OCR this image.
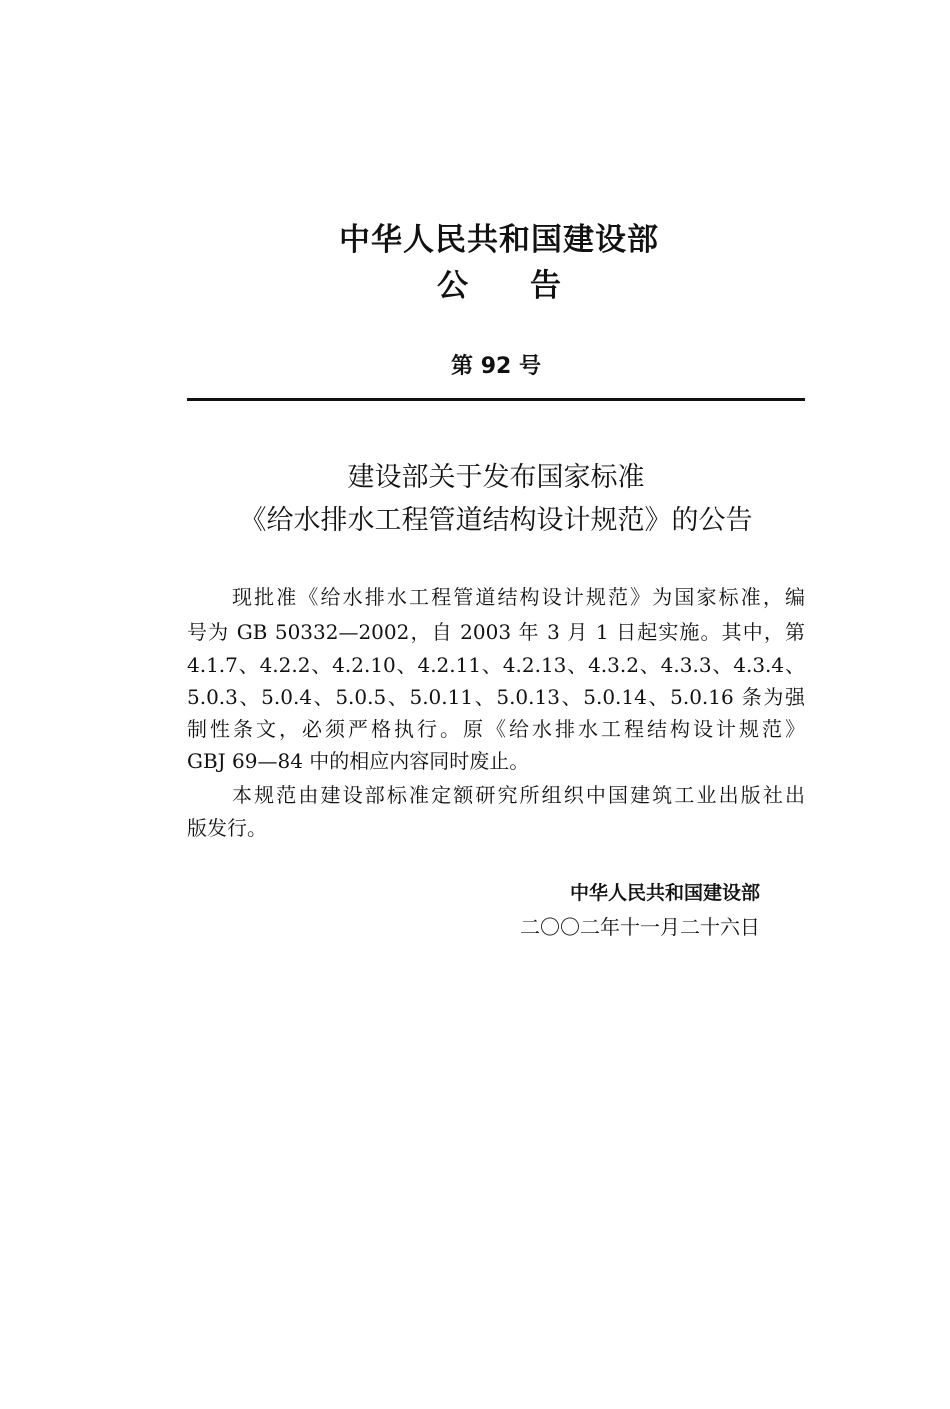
中华人民共和国建设部
公告
第 92 号
建设部关于发布国家标准
《给水排水工程管道结构设计规范》的公告
现批准《给水排水工程管道结构设计规范》为国家标准，编
号为 GB 50332—2002，自 2003 年 3 月 1 日起实施。其中，第
4.1.7、4.2.2、4.2.10、4.2.11、4.2.13、4.3.2、4.3.3、4.3.4、
5.0.3、5.0.4、5.0.5、5.0.11、5.0.13、5.0.14、5.0.16 条为强
制性条文，必须严格执行。原《给水排水工程结构设计规范》
GBJ 69—84 中的相应内容同时废止。
本规范由建设部标准定额研究所组织中国建筑工业出版社出
版发行。
中华人民共和国建设部
二〇〇二年十一月二十六日
